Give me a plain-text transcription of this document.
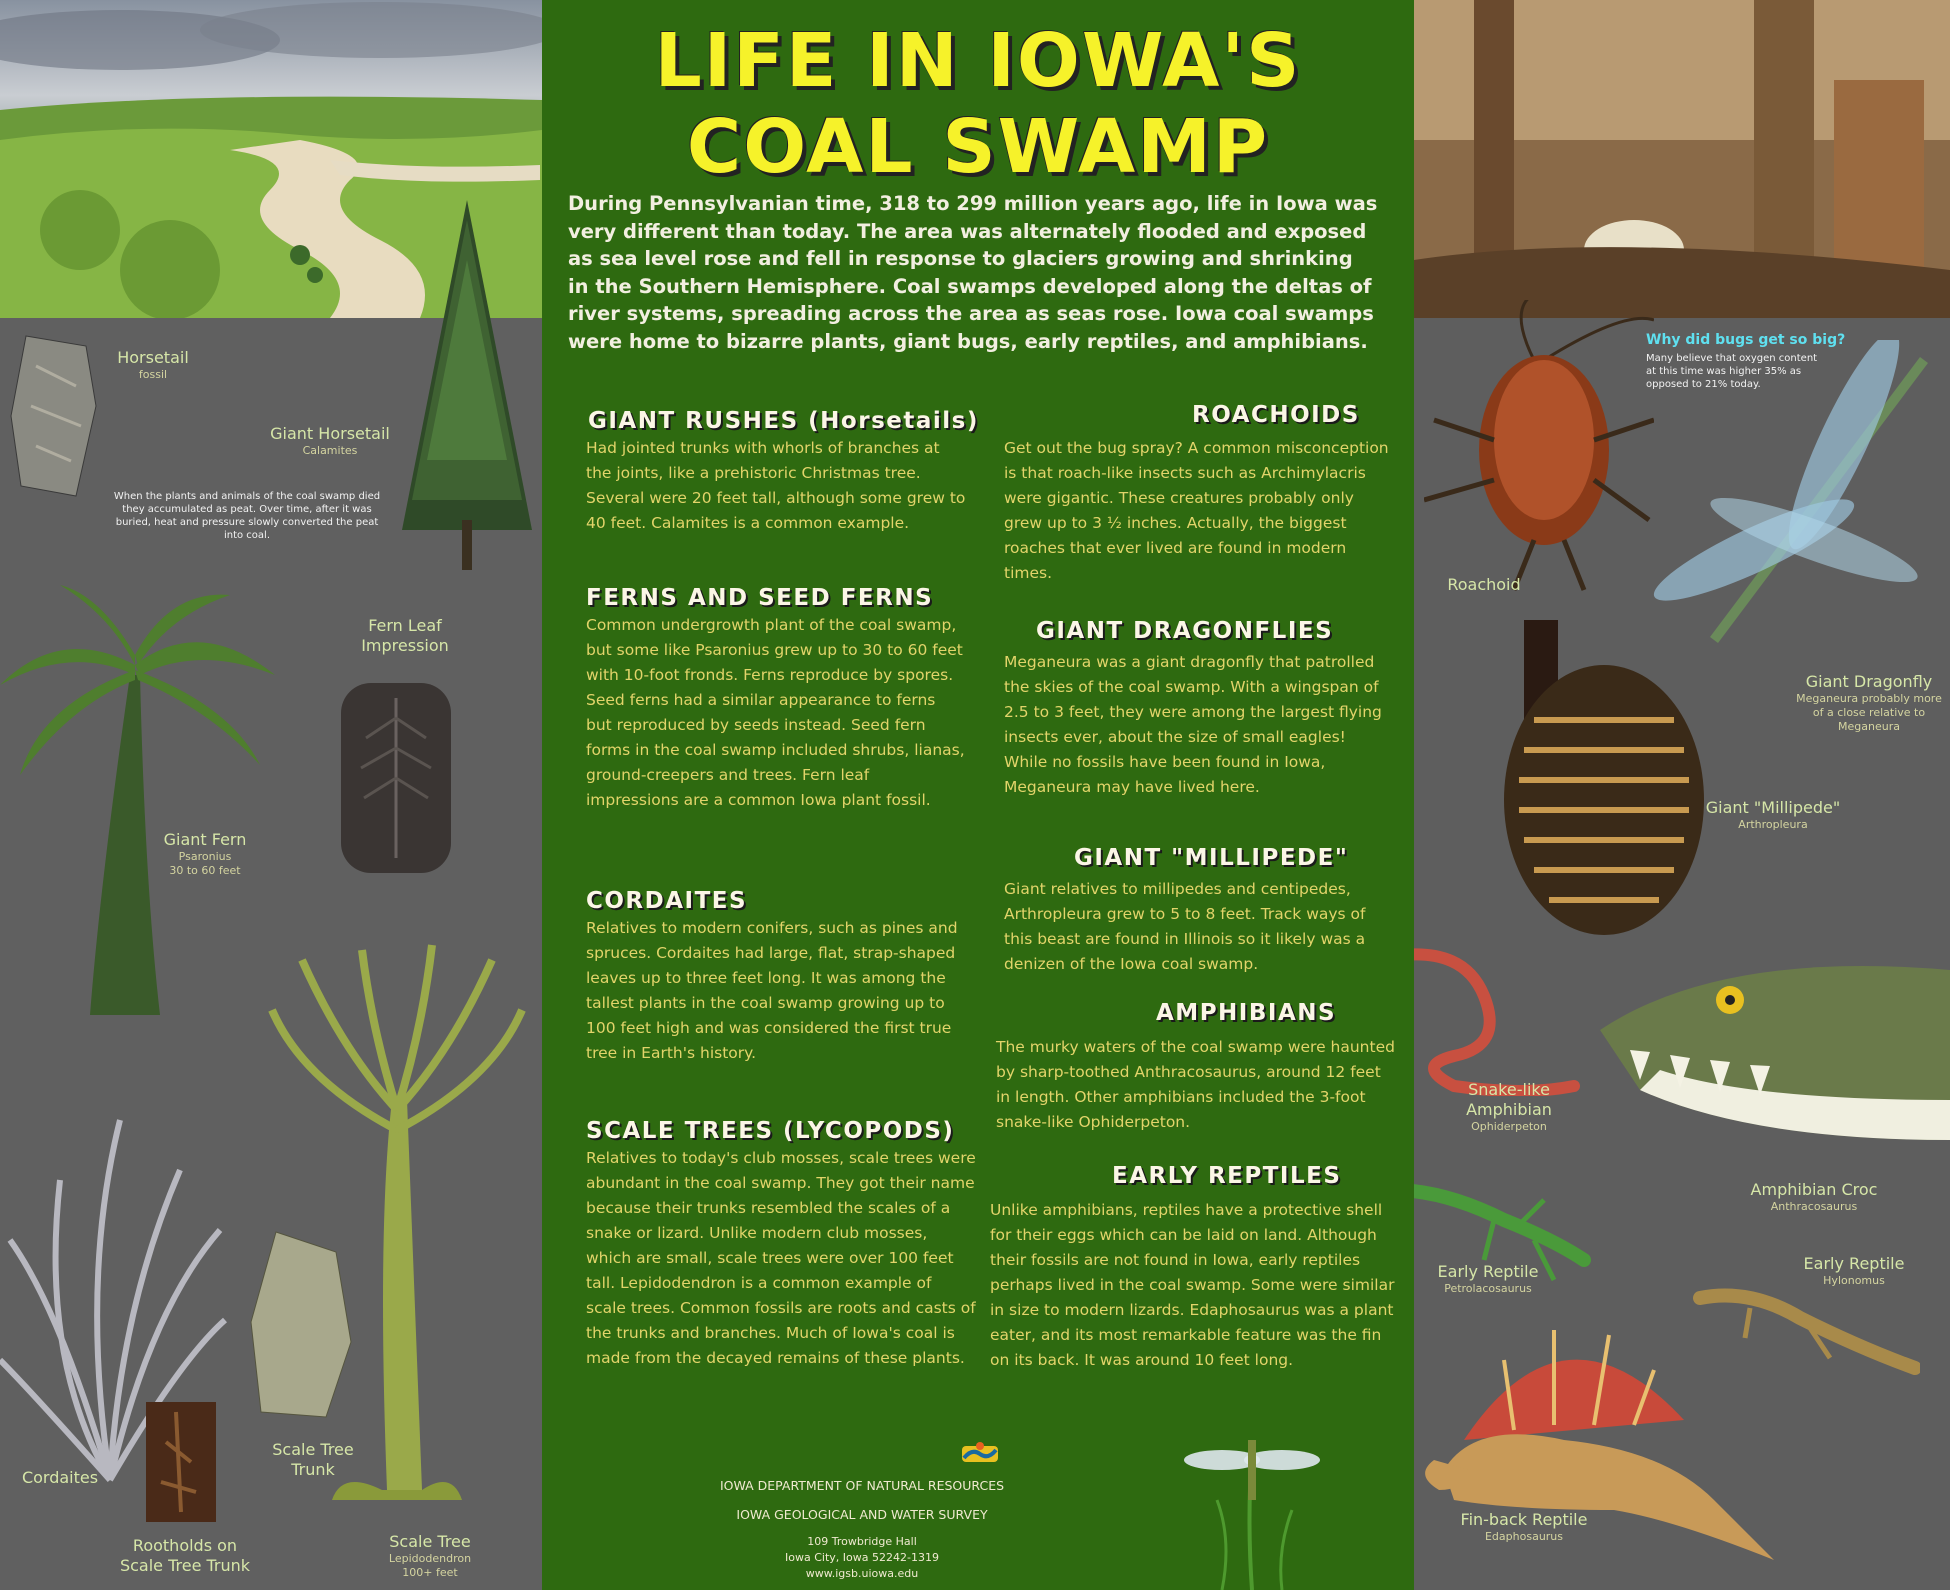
Horsetail
fossil
Giant Horsetail
Calamites
When the plants and animals of the coal swamp died they accumulated as peat. Over time, after it was buried, heat and pressure slowly converted the peat into coal.
Giant Fern
Psaronius
30 to 60 feet
Fern Leaf
Impression
Cordaites
Rootholds on
Scale Tree Trunk
Scale Tree
Trunk
Scale Tree
Lepidodendron
100+ feet
LIFE IN IOWA'S
COAL SWAMP

During Pennsylvanian time, 318 to 299 million years ago, life in Iowa was very different than today. The area was alternately flooded and exposed as sea level rose and fell in response to glaciers growing and shrinking in the Southern Hemisphere. Coal swamps developed along the deltas of river systems, spreading across the area as seas rose. Iowa coal swamps were home to bizarre plants, giant bugs, early reptiles, and amphibians.

GIANT RUSHES (Horsetails)

Had jointed trunks with whorls of branches at the joints, like a prehistoric Christmas tree. Several were 20 feet tall, although some grew to 40 feet. Calamites is a common example.

FERNS AND SEED FERNS

Common undergrowth plant of the coal swamp, but some like Psaronius grew up to 30 to 60 feet with 10-foot fronds. Ferns reproduce by spores. Seed ferns had a similar appearance to ferns but reproduced by seeds instead. Seed fern forms in the coal swamp included shrubs, lianas, ground-creepers and trees. Fern leaf impressions are a common Iowa plant fossil.

CORDAITES

Relatives to modern conifers, such as pines and spruces. Cordaites had large, flat, strap-shaped leaves up to three feet long. It was among the tallest plants in the coal swamp growing up to 100 feet high and was considered the first true tree in Earth's history.

SCALE TREES (LYCOPODS)

Relatives to today's club mosses, scale trees were abundant in the coal swamp. They got their name because their trunks resembled the scales of a snake or lizard. Unlike modern club mosses, which are small, scale trees were over 100 feet tall. Lepidodendron is a common example of scale trees. Common fossils are roots and casts of the trunks and branches. Much of Iowa's coal is made from the decayed remains of these plants.

ROACHOIDS

Get out the bug spray? A common misconception is that roach-like insects such as Archimylacris were gigantic. These creatures probably only grew up to 3 ½ inches. Actually, the biggest roaches that ever lived are found in modern times.

GIANT DRAGONFLIES

Meganeura was a giant dragonfly that patrolled the skies of the coal swamp. With a wingspan of 2.5 to 3 feet, they were among the largest flying insects ever, about the size of small eagles! While no fossils have been found in Iowa, Meganeura may have lived here.

GIANT "MILLIPEDE"

Giant relatives to millipedes and centipedes, Arthropleura grew to 5 to 8 feet. Track ways of this beast are found in Illinois so it likely was a denizen of the Iowa coal swamp.

AMPHIBIANS

The murky waters of the coal swamp were haunted by sharp-toothed Anthracosaurus, around 12 feet in length. Other amphibians included the 3-foot snake-like Ophiderpeton.

EARLY REPTILES

Unlike amphibians, reptiles have a protective shell for their eggs which can be laid on land. Although their fossils are not found in Iowa, early reptiles perhaps lived in the coal swamp. Some were similar in size to modern lizards. Edaphosaurus was a plant eater, and its most remarkable feature was the fin on its back. It was around 10 feet long.

IOWA DEPARTMENT OF NATURAL RESOURCES

IOWA GEOLOGICAL AND WATER SURVEY

109 Trowbridge Hall

Iowa City, Iowa 52242-1319

www.igsb.uiowa.edu

Roachoid
Why did bugs get so big?
Many believe that oxygen content at this time was higher 35% as opposed to 21% today.
Giant Dragonfly
Meganeura probably more of a close relative to Meganeura
Giant "Millipede"
Arthropleura
Snake-like Amphibian
Ophiderpeton
Amphibian Croc
Anthracosaurus
Early Reptile
Petrolacosaurus
Early Reptile
Hylonomus
Fin-back Reptile
Edaphosaurus
